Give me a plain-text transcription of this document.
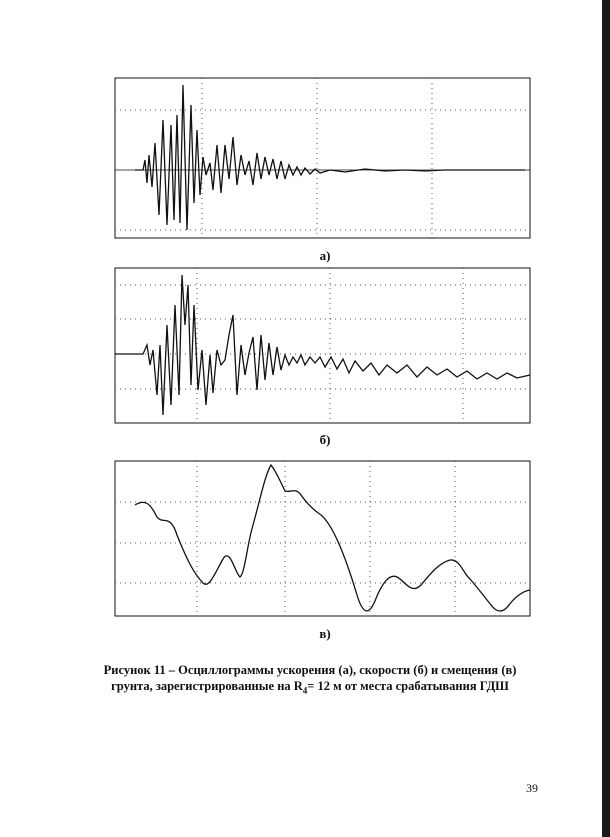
а)
б)
в)
Рисунок 11 – Осциллограммы ускорения (а), скорости (б) и смещения (в)
грунта, зарегистрированные на $R_4= 12$ м от места срабатывания ГДШ
39
